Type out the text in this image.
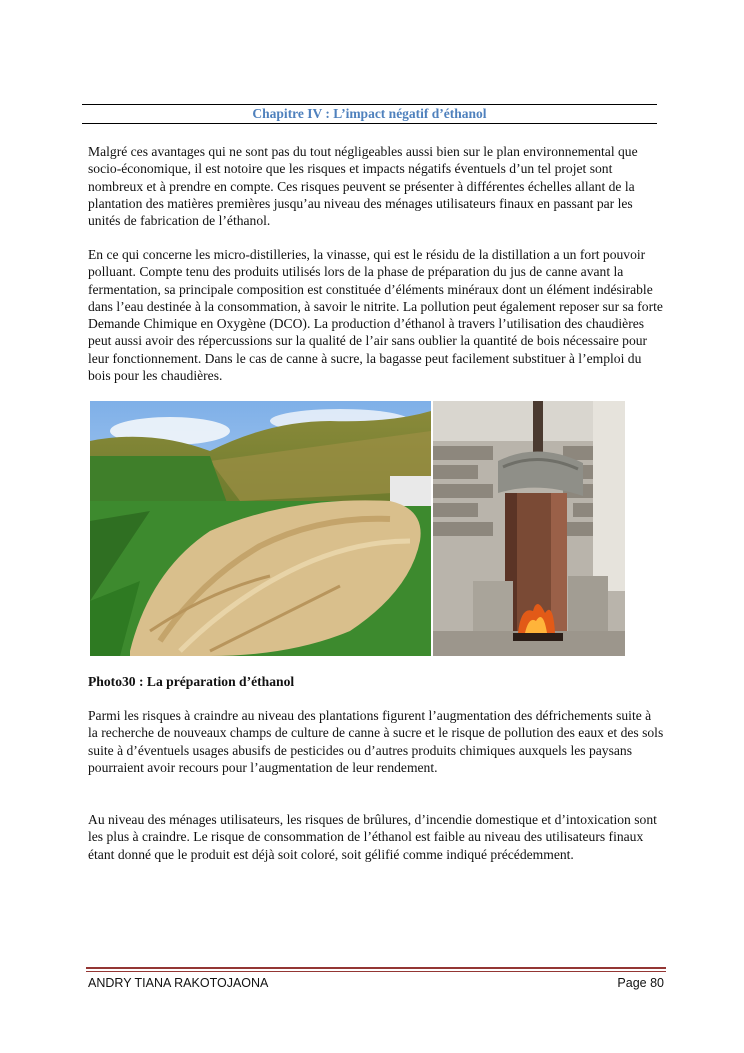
Chapitre IV : L’impact négatif d’éthanol

Malgré ces avantages qui ne sont pas du tout négligeables aussi bien sur le plan environnemental que socio-économique, il est notoire que les risques et impacts négatifs éventuels d’un tel projet sont nombreux et à prendre en compte. Ces risques peuvent se présenter à différentes échelles allant de la plantation des matières premières jusqu’au niveau des ménages utilisateurs finaux en passant par les unités de fabrication de l’éthanol.

En ce qui concerne les micro-distilleries, la vinasse, qui est le résidu de la distillation a un fort pouvoir polluant. Compte tenu des produits utilisés lors de la phase de préparation du jus de canne avant la fermentation, sa principale composition est constituée d’éléments minéraux dont un élément indésirable dans l’eau destinée à la consommation, à savoir le nitrite. La pollution peut également reposer sur sa forte Demande Chimique en Oxygène (DCO). La production d’éthanol à travers l’utilisation des chaudières peut aussi avoir des répercussions sur la qualité de l’air sans oublier la quantité de bois nécessaire pour leur fonctionnement. Dans le cas de canne à sucre, la bagasse peut facilement substituer à l’emploi du bois pour les chaudières.

Photo30 : La préparation d’éthanol

Parmi les risques à craindre au niveau des plantations figurent l’augmentation des défrichements suite à la recherche de nouveaux champs de culture de canne à sucre et le risque de pollution des eaux et des sols suite à d’éventuels usages abusifs de pesticides ou d’autres produits chimiques auxquels les paysans pourraient avoir recours pour l’augmentation de leur rendement.

Au niveau des ménages utilisateurs, les risques de brûlures, d’incendie domestique et d’intoxication sont les plus à craindre. Le risque de consommation de l’éthanol est faible au niveau des utilisateurs finaux étant donné que le produit est déjà soit coloré, soit gélifié comme indiqué précédemment.

ANDRY TIANA RAKOTOJAONA	Page 80
